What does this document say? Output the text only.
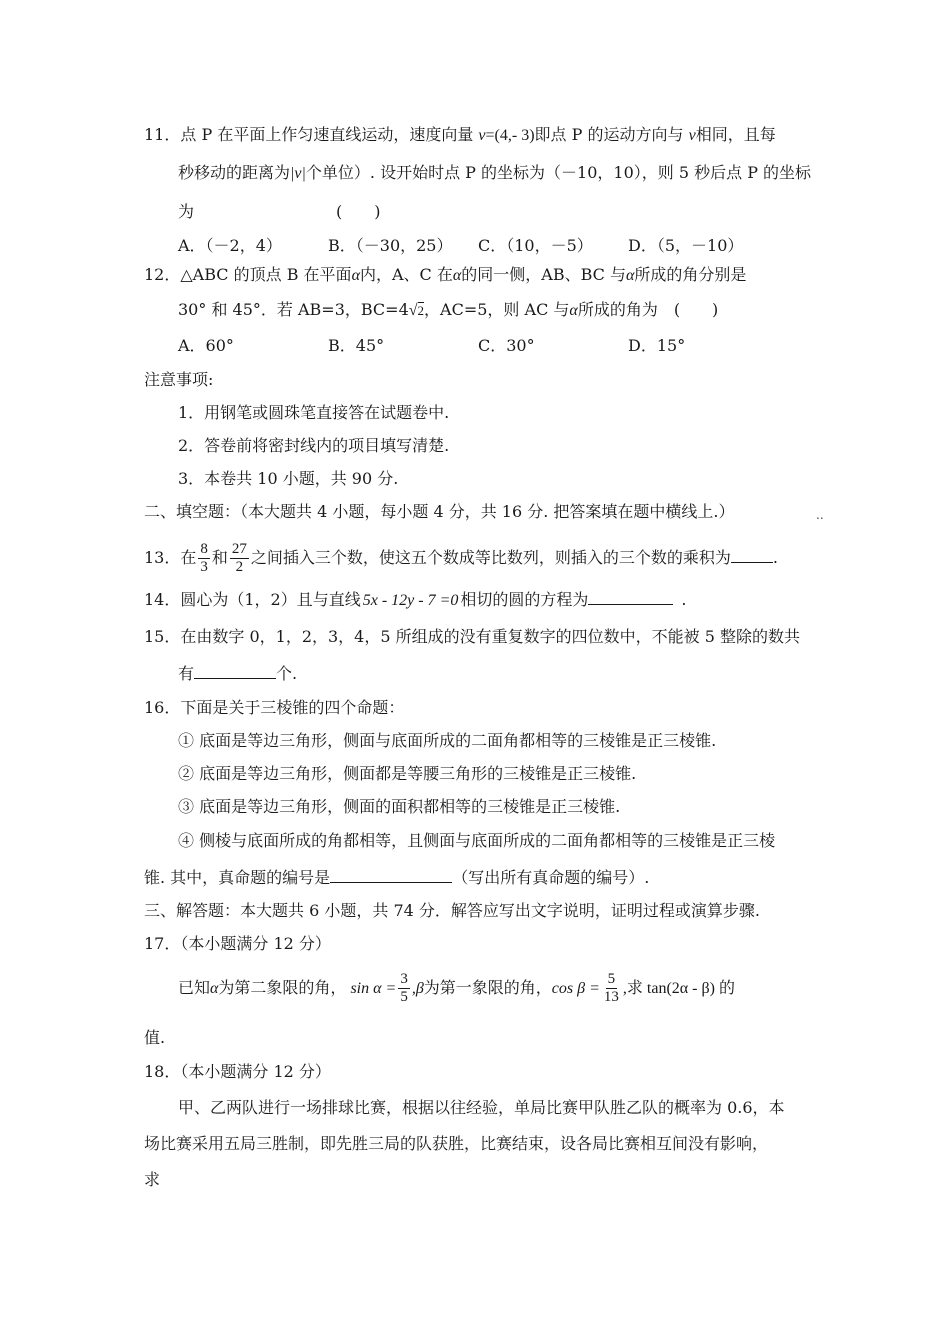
11．点 P 在平面上作匀速直线运动，速度向量 v=(4,- 3)即点 P 的运动方向与 v相同，且每
秒移动的距离为|v|个单位）. 设开始时点 P 的坐标为（－10，10），则 5 秒后点 P 的坐标
为	(　　)
A．（－2，4）	B．（－30，25） C．（10，－5） D．（5，－10）
12．△ABC 的顶点 B 在平面α内，A、C 在α的同一侧，AB、BC 与α所成的角分别是
30° 和 45°．若 AB=3，BC=4√2，AC=5，则 AC 与α所成的角为　(　　)
A．60°	B．45°	C．30°	D．15°
注意事项:
1．用钢笔或圆珠笔直接答在试题卷中.
2．答卷前将密封线内的项目填写清楚.
3．本卷共 10 小题，共 90 分.
二、填空题：（本大题共 4 小题，每小题 4 分，共 16 分. 把答案填在题中横线上.）	..
13．在 $\frac{8}{3}$ 和 $\frac{27}{2}$ 之间插入三个数，使这五个数成等比数列，则插入的三个数的乘积为	.
14．圆心为（1，2）且与直线 5x - 12y - 7 =0 相切的圆的方程为	.
15．在由数字 0，1，2，3，4，5 所组成的没有重复数字的四位数中，不能被 5 整除的数共
有	个.
16．下面是关于三棱锥的四个命题：
① 底面是等边三角形，侧面与底面所成的二面角都相等的三棱锥是正三棱锥.
② 底面是等边三角形，侧面都是等腰三角形的三棱锥是正三棱锥.
③ 底面是等边三角形，侧面的面积都相等的三棱锥是正三棱锥.
④ 侧棱与底面所成的角都相等，且侧面与底面所成的二面角都相等的三棱锥是正三棱
锥. 其中，真命题的编号是	（写出所有真命题的编号）.
三、解答题：本大题共 6 小题，共 74 分．解答应写出文字说明，证明过程或演算步骤.
17．（本小题满分 12 分）
已知α为第二象限的角， $\sin \alpha = \frac{3}{5} ,\beta$为第一象限的角，$\cos \beta = \frac{5}{13}$ ,求 tan(2α - β) 的
值.
18．（本小题满分 12 分）
甲、乙两队进行一场排球比赛，根据以往经验，单局比赛甲队胜乙队的概率为 0.6，本
场比赛采用五局三胜制，即先胜三局的队获胜，比赛结束，设各局比赛相互间没有影响，
求
